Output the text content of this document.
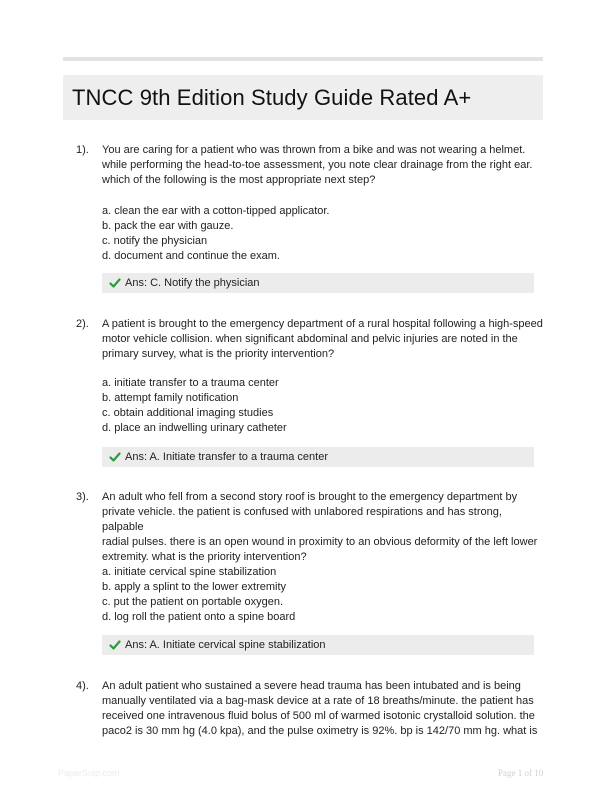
TNCC 9th Edition Study Guide Rated A+
1). You are caring for a patient who was thrown from a bike and was not wearing a helmet.
while performing the head-to-toe assessment, you note clear drainage from the right ear.
which of the following is the most appropriate next step?
a. clean the ear with a cotton-tipped applicator.
b. pack the ear with gauze.
c. notify the physician
d. document and continue the exam.
Ans: C. Notify the physician
2). A patient is brought to the emergency department of a rural hospital following a high-speed
motor vehicle collision. when significant abdominal and pelvic injuries are noted in the
primary survey, what is the priority intervention?
a. initiate transfer to a trauma center
b. attempt family notification
c. obtain additional imaging studies
d. place an indwelling urinary catheter
Ans: A. Initiate transfer to a trauma center
3). An adult who fell from a second story roof is brought to the emergency department by
private vehicle. the patient is confused with unlabored respirations and has strong, palpable
radial pulses. there is an open wound in proximity to an obvious deformity of the left lower
extremity. what is the priority intervention?
a. initiate cervical spine stabilization
b. apply a splint to the lower extremity
c. put the patient on portable oxygen.
d. log roll the patient onto a spine board
Ans: A. Initiate cervical spine stabilization
4). An adult patient who sustained a severe head trauma has been intubated and is being
manually ventilated via a bag-mask device at a rate of 18 breaths/minute. the patient has
received one intravenous fluid bolus of 500 ml of warmed isotonic crystalloid solution. the
paco2 is 30 mm hg (4.0 kpa), and the pulse oximetry is 92%. bp is 142/70 mm hg. what is
PaperSnip.com	Page 1 of 10
